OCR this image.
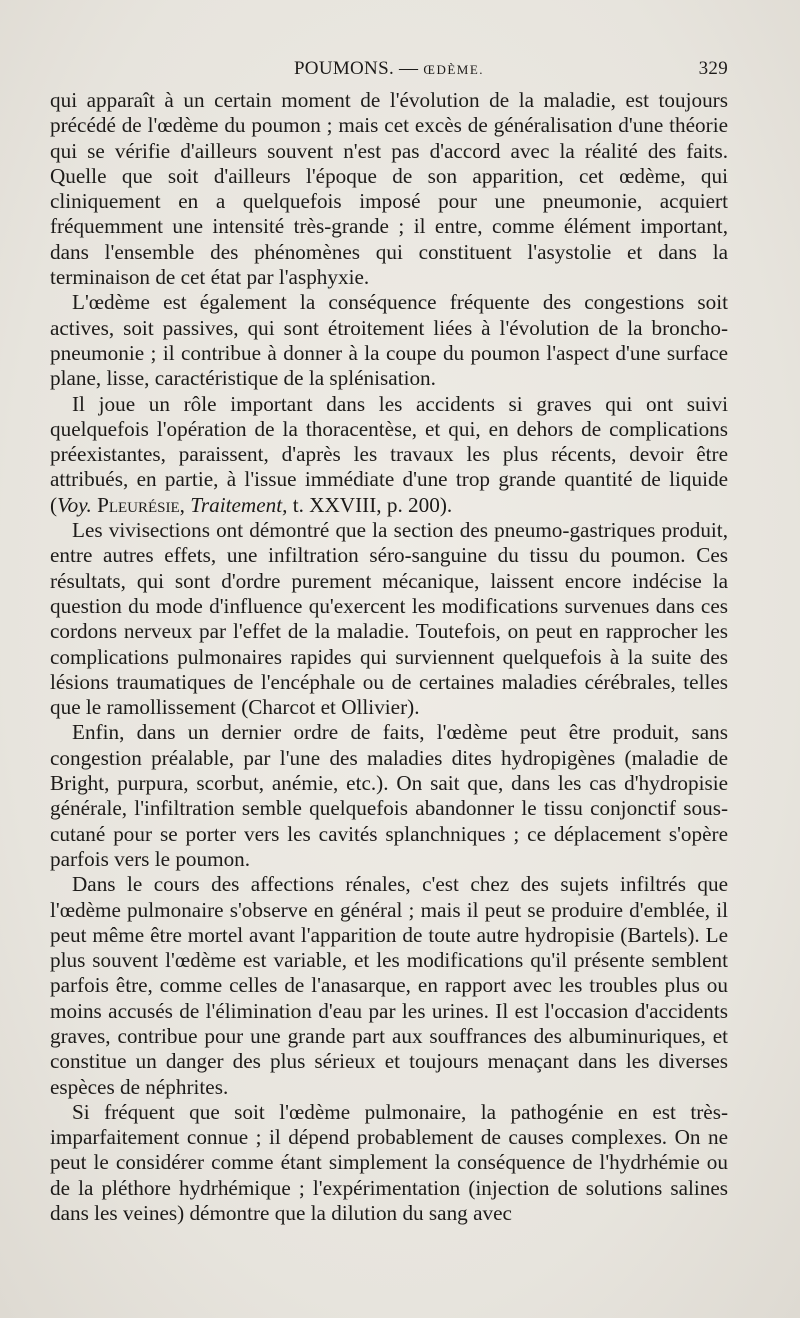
POUMONS. — ŒDÈME.	329

qui apparaît à un certain moment de l'évolution de la maladie, est toujours précédé de l'œdème du poumon ; mais cet excès de généralisation d'une théorie qui se vérifie d'ailleurs souvent n'est pas d'accord avec la réalité des faits. Quelle que soit d'ailleurs l'époque de son apparition, cet œdème, qui cliniquement en a quelquefois imposé pour une pneumonie, acquiert fréquemment une intensité très-grande ; il entre, comme élément important, dans l'ensemble des phénomènes qui constituent l'asystolie et dans la terminaison de cet état par l'asphyxie.

L'œdème est également la conséquence fréquente des congestions soit actives, soit passives, qui sont étroitement liées à l'évolution de la broncho-pneumonie ; il contribue à donner à la coupe du poumon l'aspect d'une surface plane, lisse, caractéristique de la splénisation.

Il joue un rôle important dans les accidents si graves qui ont suivi quelquefois l'opération de la thoracentèse, et qui, en dehors de complications préexistantes, paraissent, d'après les travaux les plus récents, devoir être attribués, en partie, à l'issue immédiate d'une trop grande quantité de liquide (Voy. Pleurésie, Traitement, t. XXVIII, p. 200).

Les vivisections ont démontré que la section des pneumo-gastriques produit, entre autres effets, une infiltration séro-sanguine du tissu du poumon. Ces résultats, qui sont d'ordre purement mécanique, laissent encore indécise la question du mode d'influence qu'exercent les modifications survenues dans ces cordons nerveux par l'effet de la maladie. Toutefois, on peut en rapprocher les complications pulmonaires rapides qui surviennent quelquefois à la suite des lésions traumatiques de l'encéphale ou de certaines maladies cérébrales, telles que le ramollissement (Charcot et Ollivier).

Enfin, dans un dernier ordre de faits, l'œdème peut être produit, sans congestion préalable, par l'une des maladies dites hydropigènes (maladie de Bright, purpura, scorbut, anémie, etc.). On sait que, dans les cas d'hydropisie générale, l'infiltration semble quelquefois abandonner le tissu conjonctif sous-cutané pour se porter vers les cavités splanchniques ; ce déplacement s'opère parfois vers le poumon.

Dans le cours des affections rénales, c'est chez des sujets infiltrés que l'œdème pulmonaire s'observe en général ; mais il peut se produire d'emblée, il peut même être mortel avant l'apparition de toute autre hydropisie (Bartels). Le plus souvent l'œdème est variable, et les modifications qu'il présente semblent parfois être, comme celles de l'anasarque, en rapport avec les troubles plus ou moins accusés de l'élimination d'eau par les urines. Il est l'occasion d'accidents graves, contribue pour une grande part aux souffrances des albuminuriques, et constitue un danger des plus sérieux et toujours menaçant dans les diverses espèces de néphrites.

Si fréquent que soit l'œdème pulmonaire, la pathogénie en est très-imparfaitement connue ; il dépend probablement de causes complexes. On ne peut le considérer comme étant simplement la conséquence de l'hydrhémie ou de la pléthore hydrhémique ; l'expérimentation (injection de solutions salines dans les veines) démontre que la dilution du sang avec
